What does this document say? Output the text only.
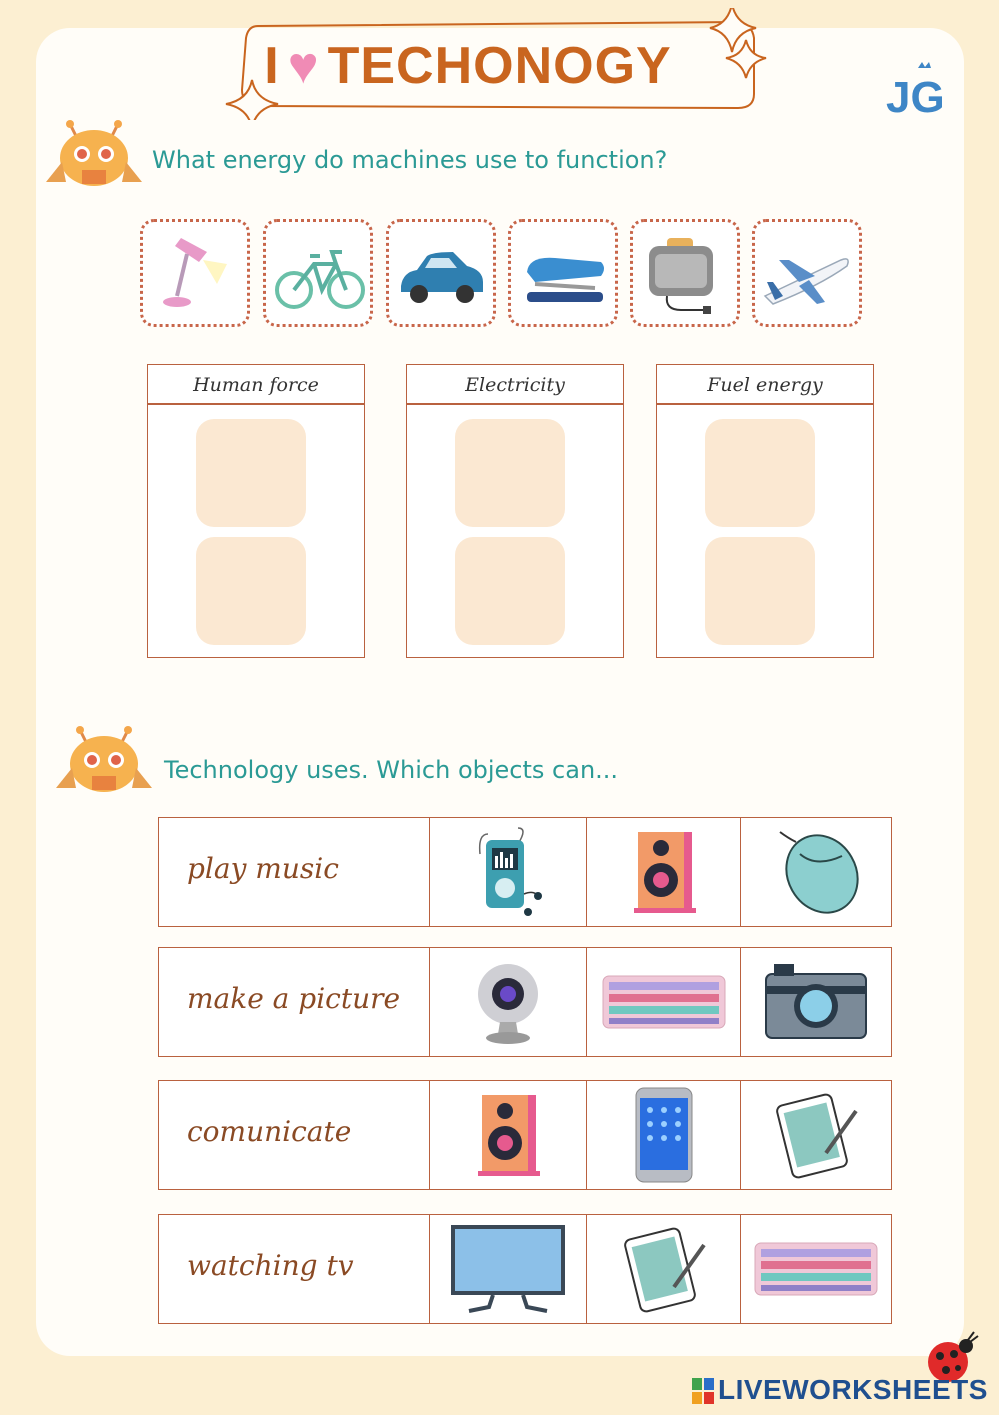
I ♥ TECHONOGY
JG
What energy do machines use to function?
Human force	Electricity	Fuel energy
Technology uses. Which objects can...
play music
make a picture
comunicate
watching tv
LIVEWORKSHEETS
